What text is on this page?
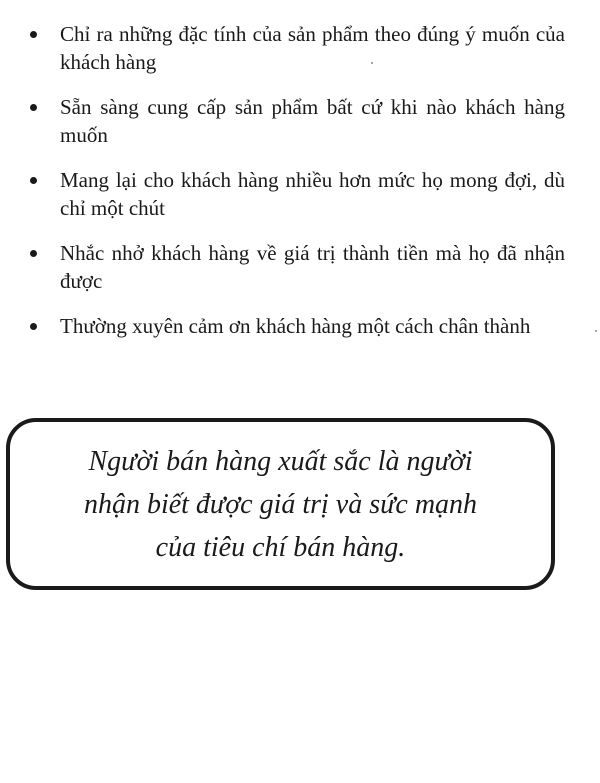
Chỉ ra những đặc tính của sản phẩm theo đúng ý muốn của khách hàng
Sẵn sàng cung cấp sản phẩm bất cứ khi nào khách hàng muốn
Mang lại cho khách hàng nhiều hơn mức họ mong đợi, dù chỉ một chút
Nhắc nhở khách hàng về giá trị thành tiền mà họ đã nhận được
Thường xuyên cảm ơn khách hàng một cách chân thành

Người bán hàng xuất sắc là người
nhận biết được giá trị và sức mạnh
của tiêu chí bán hàng.
